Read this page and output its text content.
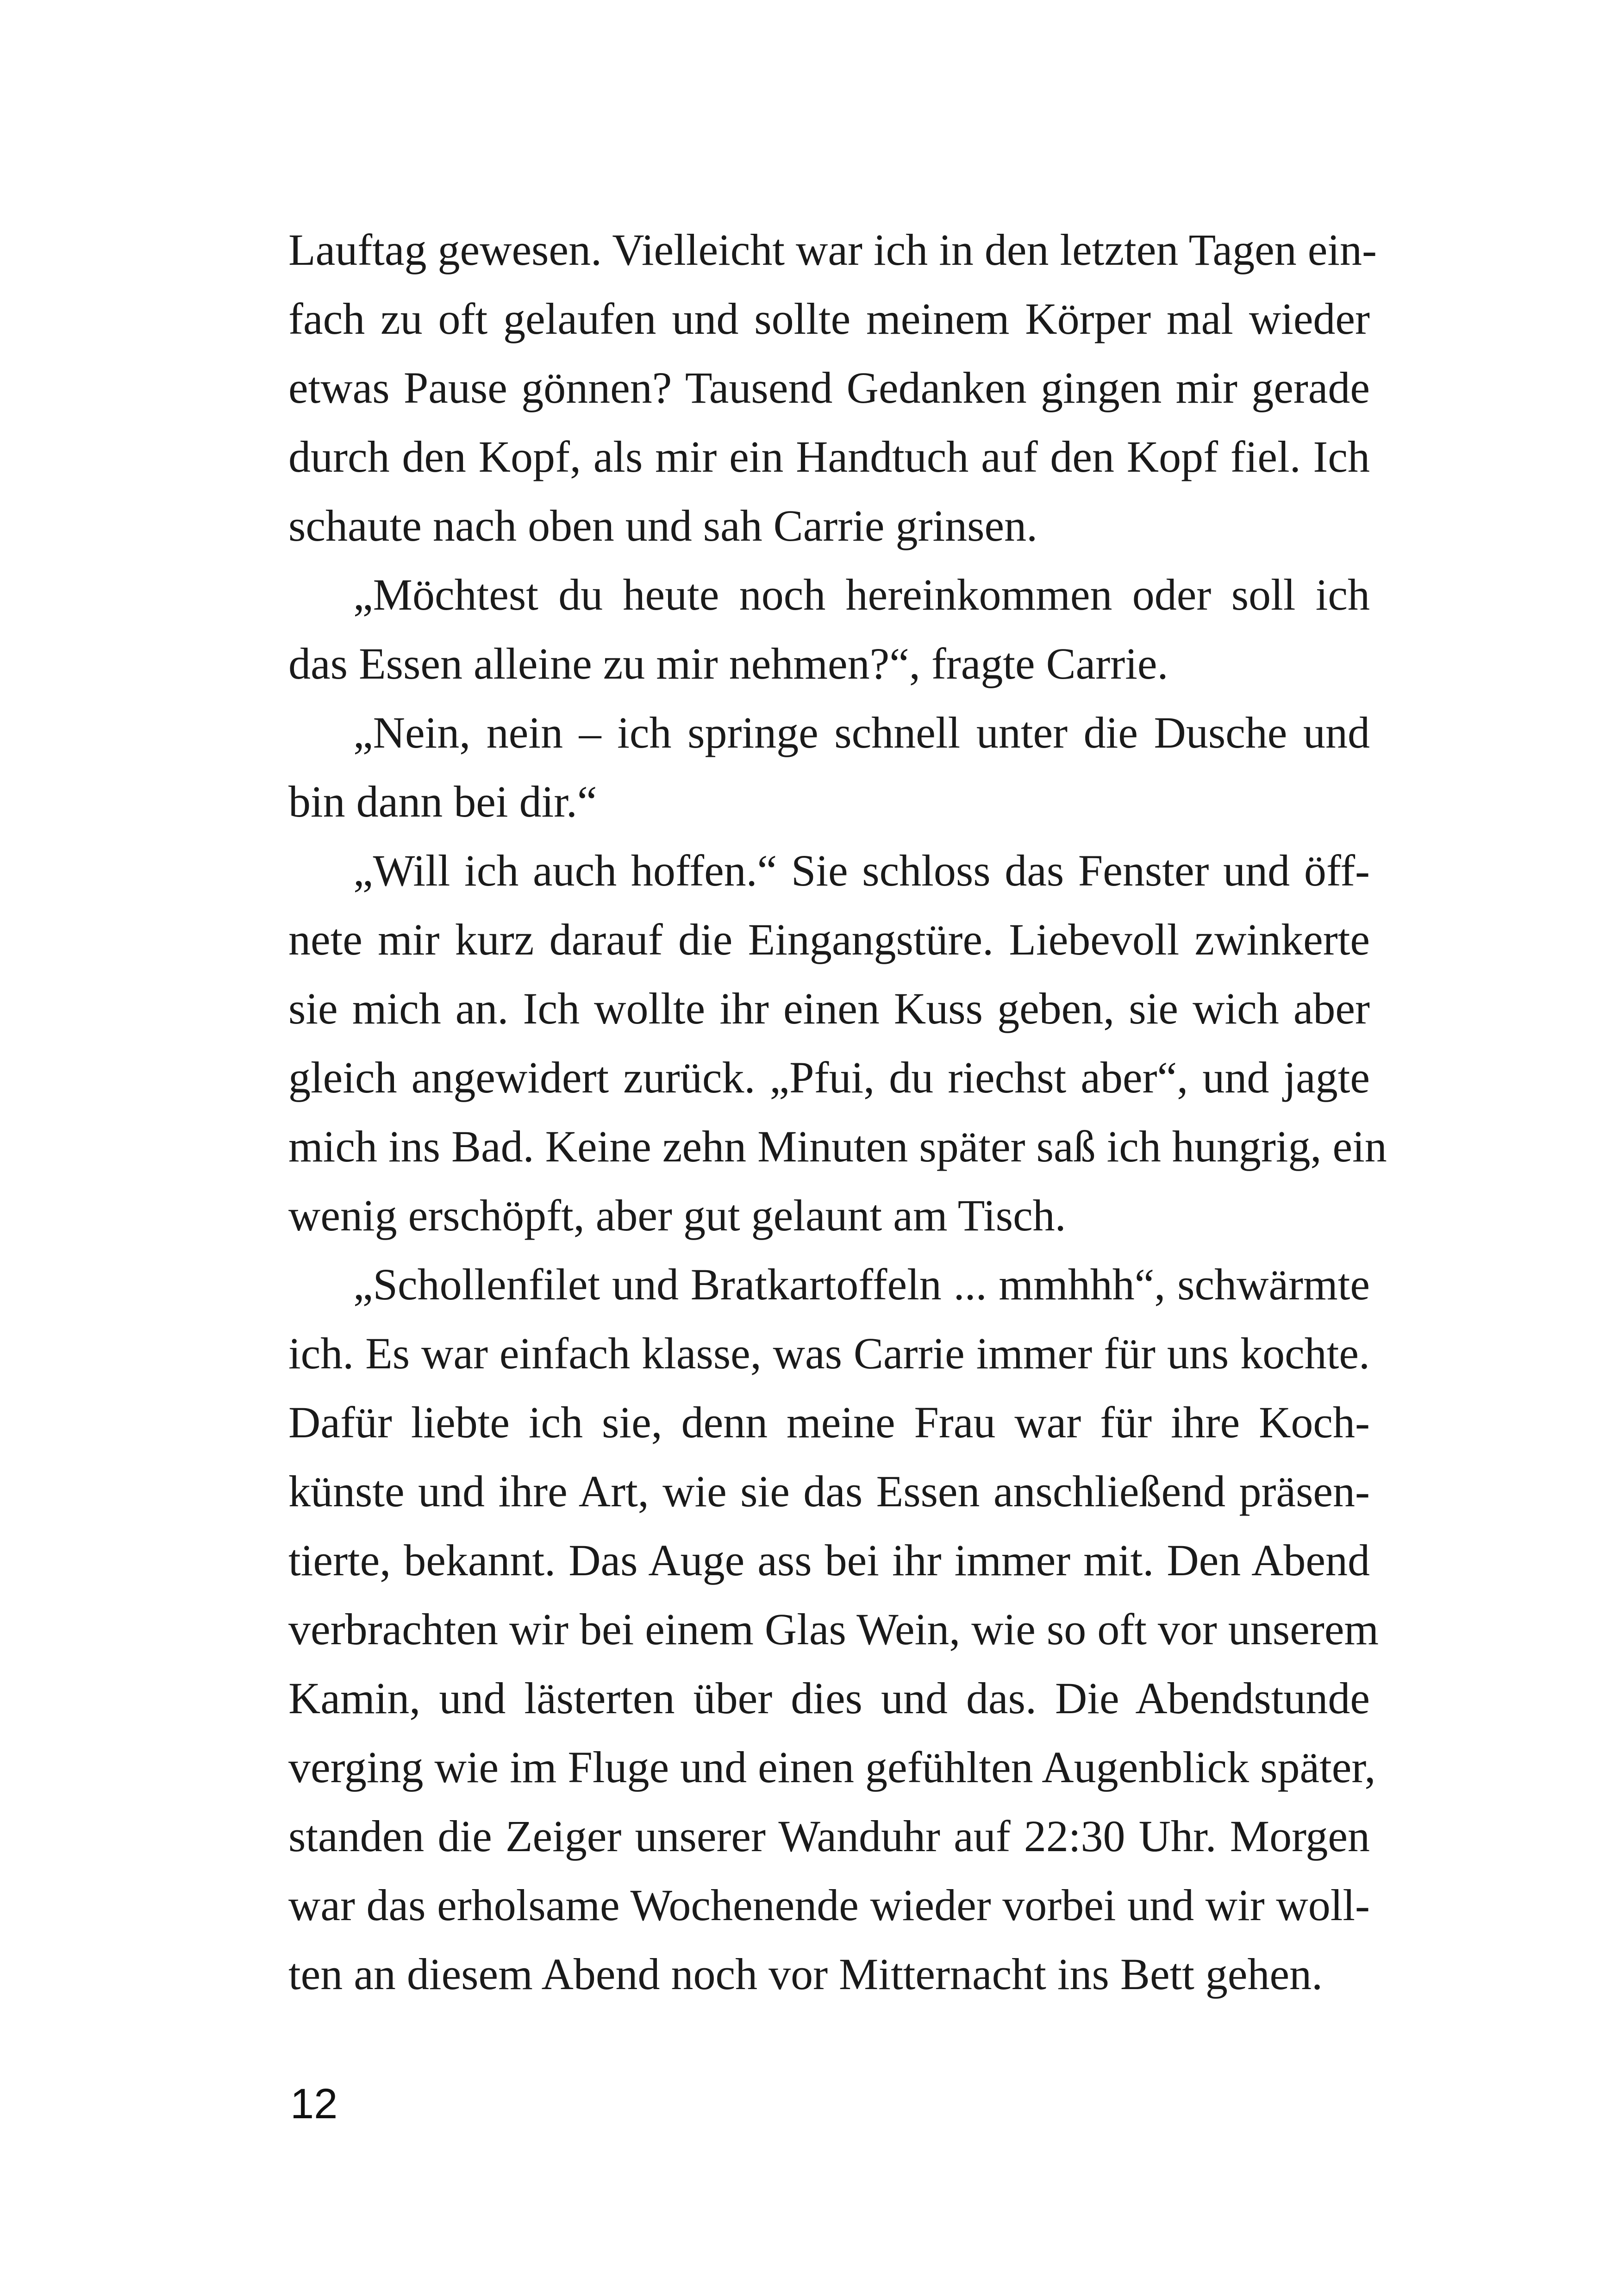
Lauftag gewesen. Vielleicht war ich in den letzten Tagen ein-
fach zu oft gelaufen und sollte meinem Körper mal wieder
etwas Pause gönnen? Tausend Gedanken gingen mir gerade
durch den Kopf, als mir ein Handtuch auf den Kopf fiel. Ich
schaute nach oben und sah Carrie grinsen.
„Möchtest du heute noch hereinkommen oder soll ich
das Essen alleine zu mir nehmen?“, fragte Carrie.
„Nein, nein – ich springe schnell unter die Dusche und
bin dann bei dir.“
„Will ich auch hoffen.“ Sie schloss das Fenster und öff-
nete mir kurz darauf die Eingangstüre. Liebevoll zwinkerte
sie mich an. Ich wollte ihr einen Kuss geben, sie wich aber
gleich angewidert zurück. „Pfui, du riechst aber“, und jagte
mich ins Bad. Keine zehn Minuten später saß ich hungrig, ein
wenig erschöpft, aber gut gelaunt am Tisch.
„Schollenfilet und Bratkartoffeln ... mmhhh“, schwärmte
ich. Es war einfach klasse, was Carrie immer für uns kochte.
Dafür liebte ich sie, denn meine Frau war für ihre Koch-
künste und ihre Art, wie sie das Essen anschließend präsen-
tierte, bekannt. Das Auge ass bei ihr immer mit. Den Abend
verbrachten wir bei einem Glas Wein, wie so oft vor unserem
Kamin, und lästerten über dies und das. Die Abendstunde
verging wie im Fluge und einen gefühlten Augenblick später,
standen die Zeiger unserer Wanduhr auf 22:30 Uhr. Morgen
war das erholsame Wochenende wieder vorbei und wir woll-
ten an diesem Abend noch vor Mitternacht ins Bett gehen.
12
